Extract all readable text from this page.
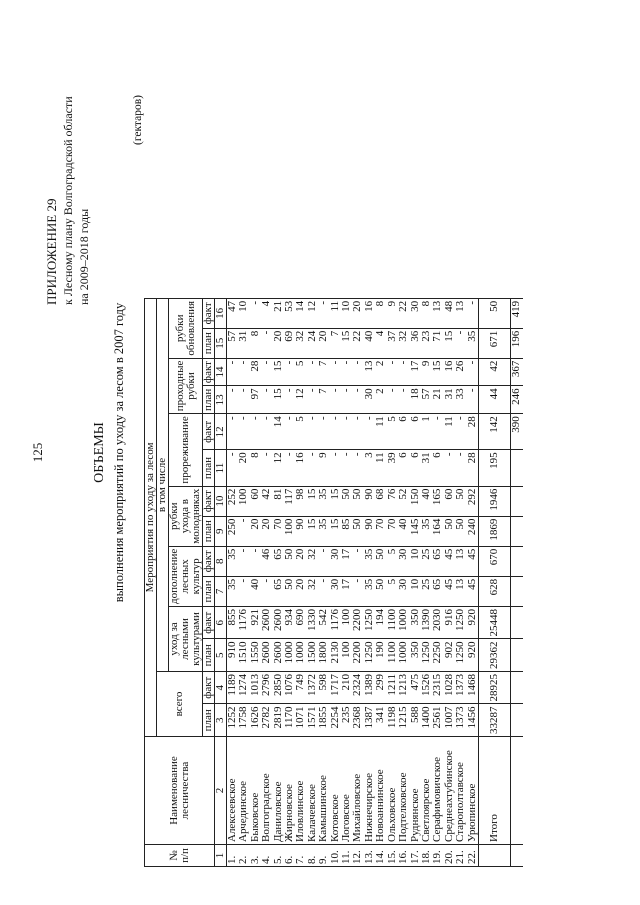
125
ПРИЛОЖЕНИЕ 29 к Лесному плану Волгоградской области на 2009–2018 годы
ОБЪЕМЫ выполнения мероприятий по уходу за лесом в 2007 году
(гектаров)
№ п/п	Наименование лесничества	Мероприятия по уходу за лесом													
		всего		в том числе											
				уход за лесными культурами		дополнение лесных культур		рубки ухода в молодняках		прореживание		проходные рубки		рубки обновления	
		план	факт	план	факт	план	факт	план	факт	план	факт	план	факт	план	факт
1	2	3	4	5	6	7	8	9	10	11	12	13	14	15	16
1.	Алексеевское	1252	1189	910	855	35	35	250	252	-	-	-	-	57	47
2.	Арчединское	1758	1274	1510	1176	-	-	-	100	20	-	-	-	31	10
3.	Быковское	1626	1013	1550	921	40	-	20	60	8	-	97	28	8	-
4.	Волгоградское	2782	2796	2600	2600	-	46	20	42	-	-	-	-	-	4
5.	Даниловское	2819	2850	2600	2600	65	65	70	81	12	14	15	15	20	21
6.	Жирновское	1170	1076	1000	934	50	50	100	117	-	-	-	-	69	53
7.	Иловлинское	1071	749	1000	690	20	20	90	98	16	5	12	5	32	14
8.	Калачевское	1571	1372	1500	1330	32	32	15	15	-	-	-	-	24	12
9.	Камышинское	1855	598	1800	542	-	-	35	35	9	-	7	7	20	-
10.	Котовское	2254	1717	2130	1176	30	30	15	15	-	-	-	-	7	11
11.	Логовское	235	210	100	100	17	17	85	50	-	-	-	-	15	10
12.	Михайловское	2368	2324	2200	2200	-	-	50	50	-	-	-	-	22	20
13.	Нижнечирское	1387	1389	1250	1250	35	35	90	90	3	-	30	13	40	16
14.	Новоаннинское	341	299	190	194	50	50	70	68	11	11	2	2	4	8
15.	Ольховское	1198	1211	1100	1100	5	5	70	76	39	5	-	-	37	9
16.	Подтелковское	1215	1213	1000	1000	30	30	40	52	6	6	-	-	32	22
17.	Руднянское	588	475	350	350	10	10	145	150	6	6	18	17	36	30
18.	Светлоярское	1400	1526	1250	1390	25	25	35	40	31	1	57	9	23	8
19.	Серафимовичское	2561	2315	2250	2030	65	65	164	165	6	-	21	15	71	13
20.	Среднеахтубинское	1007	1028	902	916	45	45	50	60	-	11	31	16	15	48
21.	Старополтавское	1373	1373	1250	1250	13	13	50	50	-	-	33	26	-	13
22.	Урюпинское	1456	1468	920	920	45	45	240	292	28	28	-	-	35	-
	Итого	33287	28925	29362	25448	628	670	1869	1946	195	142	44	42	671	50
											390	246	367	196	419
